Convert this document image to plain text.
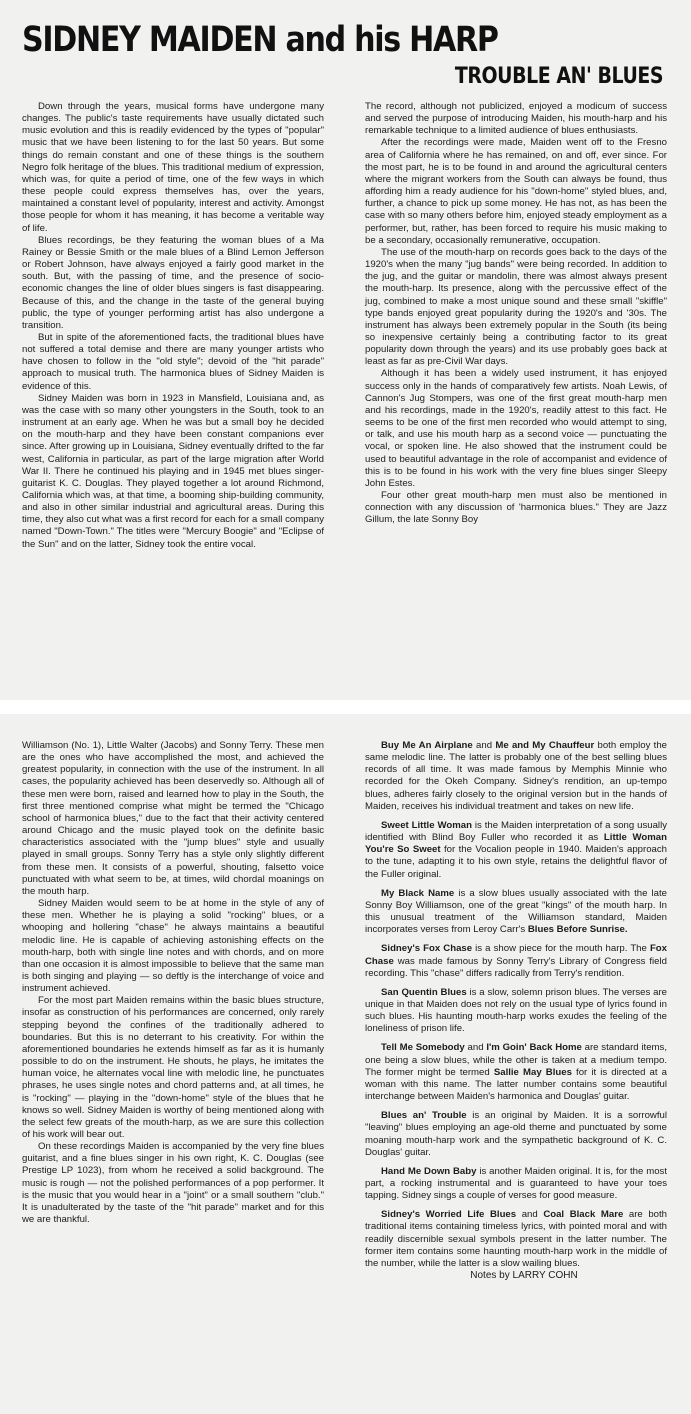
SIDNEY MAIDEN and his HARP
TROUBLE AN' BLUES

Down through the years, musical forms have undergone many changes. The public's taste requirements have usually dictated such music evolution and this is readily evidenced by the types of "popular" music that we have been listening to for the last 50 years. But some things do remain constant and one of these things is the southern Negro folk heritage of the blues. This traditional medium of expression, which was, for quite a period of time, one of the few ways in which these people could express themselves has, over the years, maintained a constant level of popularity, interest and activity. Amongst those people for whom it has meaning, it has become a veritable way of life.

Blues recordings, be they featuring the woman blues of a Ma Rainey or Bessie Smith or the male blues of a Blind Lemon Jefferson or Robert Johnson, have always enjoyed a fairly good market in the south. But, with the passing of time, and the presence of socio-economic changes the line of older blues singers is fast disappearing. Because of this, and the change in the taste of the general buying public, the type of younger performing artist has also undergone a transition.

But in spite of the aforementioned facts, the traditional blues have not suffered a total demise and there are many younger artists who have chosen to follow in the "old style"; devoid of the "hit parade" approach to musical truth. The harmonica blues of Sidney Maiden is evidence of this.

Sidney Maiden was born in 1923 in Mansfield, Louisiana and, as was the case with so many other youngsters in the South, took to an instrument at an early age. When he was but a small boy he decided on the mouth-harp and they have been constant companions ever since. After growing up in Louisiana, Sidney eventually drifted to the far west, California in particular, as part of the large migration after World War II. There he continued his playing and in 1945 met blues singer-guitarist K. C. Douglas. They played together a lot around Richmond, California which was, at that time, a booming ship-building community, and also in other similar industrial and agricultural areas. During this time, they also cut what was a first record for each for a small company named "Down-Town." The titles were "Mercury Boogie" and "Eclipse of the Sun" and on the latter, Sidney took the entire vocal.

The record, although not publicized, enjoyed a modicum of success and served the purpose of introducing Maiden, his mouth-harp and his remarkable technique to a limited audience of blues enthusiasts.

After the recordings were made, Maiden went off to the Fresno area of California where he has remained, on and off, ever since. For the most part, he is to be found in and around the agricultural centers where the migrant workers from the South can always be found, thus affording him a ready audience for his "down-home" styled blues, and, further, a chance to pick up some money. He has not, as has been the case with so many others before him, enjoyed steady employment as a performer, but, rather, has been forced to require his music making to be a secondary, occasionally remunerative, occupation.

The use of the mouth-harp on records goes back to the days of the 1920's when the many "jug bands" were being recorded. In addition to the jug, and the guitar or mandolin, there was almost always present the mouth-harp. Its presence, along with the percussive effect of the jug, combined to make a most unique sound and these small "skiffle" type bands enjoyed great popularity during the 1920's and '30s. The instrument has always been extremely popular in the South (its being so inexpensive certainly being a contributing factor to its great popularity down through the years) and its use probably goes back at least as far as pre-Civil War days.

Although it has been a widely used instrument, it has enjoyed success only in the hands of comparatively few artists. Noah Lewis, of Cannon's Jug Stompers, was one of the first great mouth-harp men and his recordings, made in the 1920's, readily attest to this fact. He seems to be one of the first men recorded who would attempt to sing, or talk, and use his mouth harp as a second voice — punctuating the vocal, or spoken line. He also showed that the instrument could be used to beautiful advantage in the role of accompanist and evidence of this is to be found in his work with the very fine blues singer Sleepy John Estes.

Four other great mouth-harp men must also be mentioned in connection with any discussion of 'harmonica blues." They are Jazz Gillum, the late Sonny Boy

Williamson (No. 1), Little Walter (Jacobs) and Sonny Terry. These men are the ones who have accomplished the most, and achieved the greatest popularity, in connection with the use of the instrument. In all cases, the popularity achieved has been deservedly so. Although all of these men were born, raised and learned how to play in the South, the first three mentioned comprise what might be termed the "Chicago school of harmonica blues," due to the fact that their activity centered around Chicago and the music played took on the definite basic characteristics associated with the "jump blues" style and usually played in small groups. Sonny Terry has a style only slightly different from these men. It consists of a powerful, shouting, falsetto voice punctuated with what seem to be, at times, wild chordal moanings on the mouth harp.

Sidney Maiden would seem to be at home in the style of any of these men. Whether he is playing a solid "rocking" blues, or a whooping and hollering "chase" he always maintains a beautiful melodic line. He is capable of achieving astonishing effects on the mouth-harp, both with single line notes and with chords, and on more than one occasion it is almost impossible to believe that the same man is both singing and playing — so deftly is the interchange of voice and instrument achieved.

For the most part Maiden remains within the basic blues structure, insofar as construction of his performances are concerned, only rarely stepping beyond the confines of the traditionally adhered to boundaries. But this is no deterrant to his creativity. For within the aforementioned boundaries he extends himself as far as it is humanly possible to do on the instrument. He shouts, he plays, he imitates the human voice, he alternates vocal line with melodic line, he punctuates phrases, he uses single notes and chord patterns and, at all times, he is "rocking" — playing in the "down-home" style of the blues that he knows so well. Sidney Maiden is worthy of being mentioned along with the select few greats of the mouth-harp, as we are sure this collection of his work will bear out.

On these recordings Maiden is accompanied by the very fine blues guitarist, and a fine blues singer in his own right, K. C. Douglas (see Prestige LP 1023), from whom he received a solid background. The music is rough — not the polished performances of a pop performer. It is the music that you would hear in a "joint" or a small southern "club." It is unadulterated by the taste of the "hit parade" market and for this we are thankful.

Buy Me An Airplane and Me and My Chauffeur both employ the same melodic line. The latter is probably one of the best selling blues records of all time. It was made famous by Memphis Minnie who recorded for the Okeh Company. Sidney's rendition, an up-tempo blues, adheres fairly closely to the original version but in the hands of Maiden, receives his individual treatment and takes on new life.

Sweet Little Woman is the Maiden interpretation of a song usually identified with Blind Boy Fuller who recorded it as Little Woman You're So Sweet for the Vocalion people in 1940. Maiden's approach to the tune, adapting it to his own style, retains the delightful flavor of the Fuller original.

My Black Name is a slow blues usually associated with the late Sonny Boy Williamson, one of the great "kings" of the mouth harp. In this unusual treatment of the Williamson standard, Maiden incorporates verses from Leroy Carr's Blues Before Sunrise.

Sidney's Fox Chase is a show piece for the mouth harp. The Fox Chase was made famous by Sonny Terry's Library of Congress field recording. This "chase" differs radically from Terry's rendition.

San Quentin Blues is a slow, solemn prison blues. The verses are unique in that Maiden does not rely on the usual type of lyrics found in such blues. His haunting mouth-harp works exudes the feeling of the loneliness of prison life.

Tell Me Somebody and I'm Goin' Back Home are standard items, one being a slow blues, while the other is taken at a medium tempo. The former might be termed Sallie May Blues for it is directed at a woman with this name. The latter number contains some beautiful interchange between Maiden's harmonica and Douglas' guitar.

Blues an' Trouble is an original by Maiden. It is a sorrowful "leaving" blues employing an age-old theme and punctuated by some moaning mouth-harp work and the sympathetic background of K. C. Douglas' guitar.

Hand Me Down Baby is another Maiden original. It is, for the most part, a rocking instrumental and is guaranteed to have your toes tapping. Sidney sings a couple of verses for good measure.

Sidney's Worried Life Blues and Coal Black Mare are both traditional items containing timeless lyrics, with pointed moral and with readily discernible sexual symbols present in the latter number. The former item contains some haunting mouth-harp work in the middle of the number, while the latter is a slow wailing blues.

Notes by LARRY COHN
